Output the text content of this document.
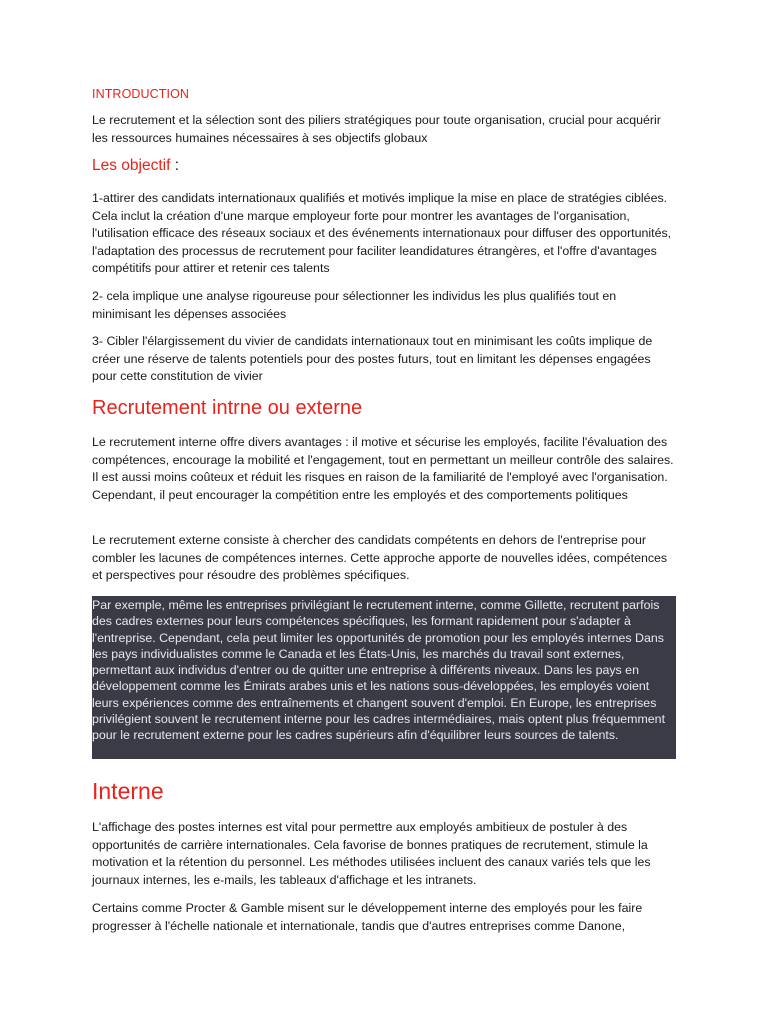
INTRODUCTION

Le recrutement et la sélection sont des piliers stratégiques pour toute organisation, crucial pour acquérir les ressources humaines nécessaires à ses objectifs globaux

Les objectif :

1-attirer des candidats internationaux qualifiés et motivés implique la mise en place de stratégies ciblées. Cela inclut la création d'une marque employeur forte pour montrer les avantages de l'organisation, l'utilisation efficace des réseaux sociaux et des événements internationaux pour diffuser des opportunités, l'adaptation des processus de recrutement pour faciliter leandidatures étrangères, et l'offre d'avantages compétitifs pour attirer et retenir ces talents

2- cela implique une analyse rigoureuse pour sélectionner les individus les plus qualifiés tout en minimisant les dépenses associées

3- Cibler l'élargissement du vivier de candidats internationaux tout en minimisant les coûts implique de créer une réserve de talents potentiels pour des postes futurs, tout en limitant les dépenses engagées pour cette constitution de vivier

Recrutement intrne ou externe

Le recrutement interne offre divers avantages : il motive et sécurise les employés, facilite l'évaluation des compétences, encourage la mobilité et l'engagement, tout en permettant un meilleur contrôle des salaires. Il est aussi moins coûteux et réduit les risques en raison de la familiarité de l'employé avec l'organisation. Cependant, il peut encourager la compétition entre les employés et des comportements politiques

Le recrutement externe consiste à chercher des candidats compétents en dehors de l'entreprise pour combler les lacunes de compétences internes. Cette approche apporte de nouvelles idées, compétences et perspectives pour résoudre des problèmes spécifiques.

Par exemple, même les entreprises privilégiant le recrutement interne, comme Gillette, recrutent parfois des cadres externes pour leurs compétences spécifiques, les formant rapidement pour s'adapter à l'entreprise. Cependant, cela peut limiter les opportunités de promotion pour les employés internes Dans les pays individualistes comme le Canada et les États-Unis, les marchés du travail sont externes, permettant aux individus d'entrer ou de quitter une entreprise à différents niveaux. Dans les pays en développement comme les Émirats arabes unis et les nations sous-développées, les employés voient leurs expériences comme des entraînements et changent souvent d'emploi. En Europe, les entreprises privilégient souvent le recrutement interne pour les cadres intermédiaires, mais optent plus fréquemment pour le recrutement externe pour les cadres supérieurs afin d'équilibrer leurs sources de talents.

Interne

L'affichage des postes internes est vital pour permettre aux employés ambitieux de postuler à des opportunités de carrière internationales. Cela favorise de bonnes pratiques de recrutement, stimule la motivation et la rétention du personnel. Les méthodes utilisées incluent des canaux variés tels que les journaux internes, les e-mails, les tableaux d'affichage et les intranets.

Certains comme Procter & Gamble misent sur le développement interne des employés pour les faire progresser à l'échelle nationale et internationale, tandis que d'autres entreprises comme Danone,
